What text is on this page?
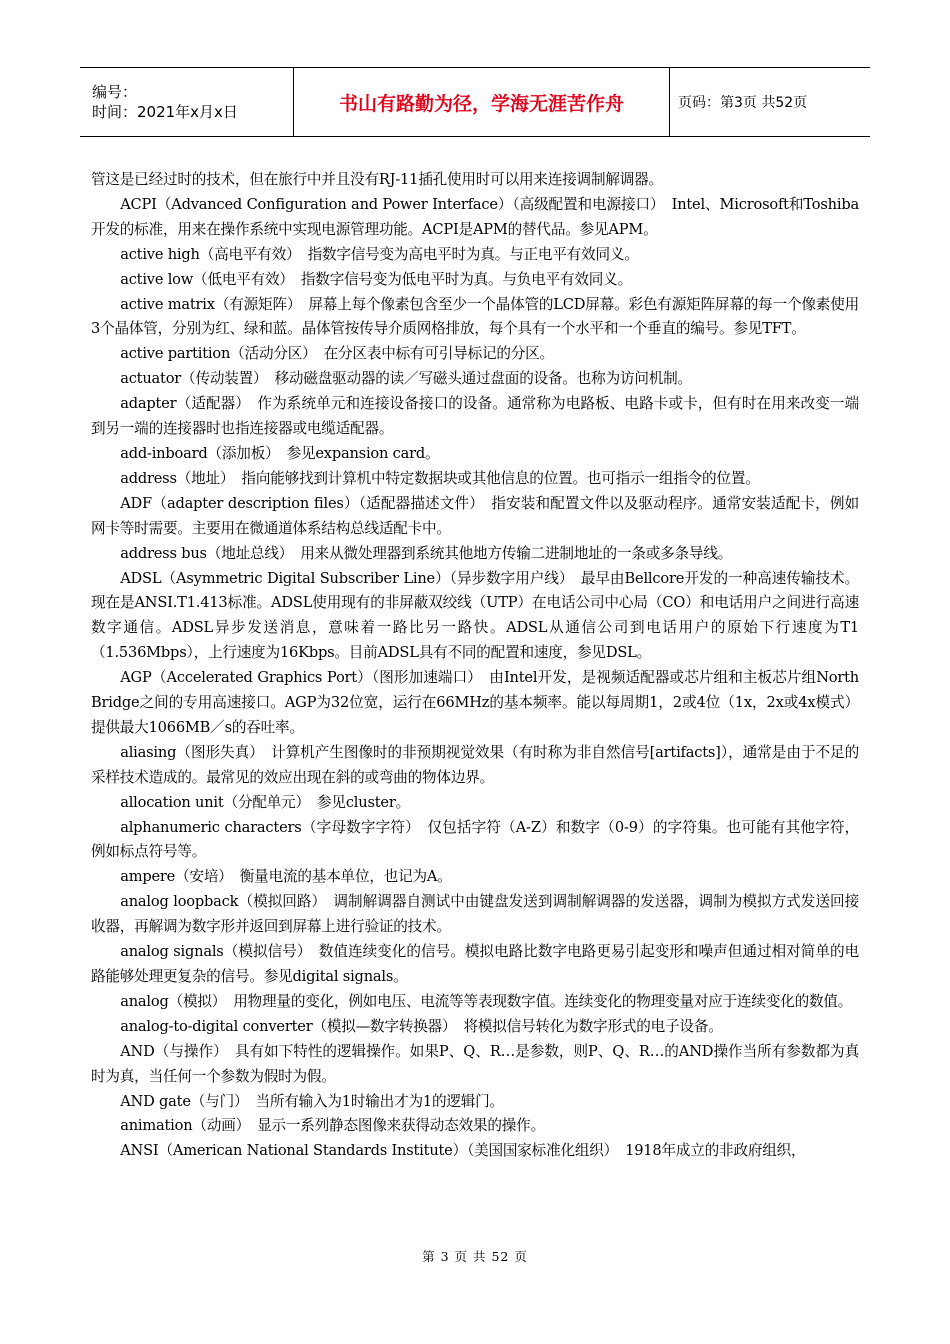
编号：
时间：2021年x月x日	书山有路勤为径，学海无涯苦作舟	页码：第3页 共52页

管这是已经过时的技术，但在旅行中并且没有RJ-11插孔使用时可以用来连接调制解调器。

ACPI（Advanced Configuration and Power Interface）（高级配置和电源接口）　Intel、Microsoft和Toshiba开发的标准，用来在操作系统中实现电源管理功能。ACPI是APM的替代品。参见APM。

active high（高电平有效）　指数字信号变为高电平时为真。与正电平有效同义。

active low（低电平有效）　指数字信号变为低电平时为真。与负电平有效同义。

active matrix（有源矩阵）　屏幕上每个像素包含至少一个晶体管的LCD屏幕。彩色有源矩阵屏幕的每一个像素使用3个晶体管，分别为红、绿和蓝。晶体管按传导介质网格排放，每个具有一个水平和一个垂直的编号。参见TFT。

active partition（活动分区）　在分区表中标有可引导标记的分区。

actuator（传动装置）　移动磁盘驱动器的读／写磁头通过盘面的设备。也称为访问机制。

adapter（适配器）　作为系统单元和连接设备接口的设备。通常称为电路板、电路卡或卡，但有时在用来改变一端到另一端的连接器时也指连接器或电缆适配器。

add-inboard（添加板）　参见expansion card。

address（地址）　指向能够找到计算机中特定数据块或其他信息的位置。也可指示一组指令的位置。

ADF（adapter description files）（适配器描述文件）　指安装和配置文件以及驱动程序。通常安装适配卡，例如网卡等时需要。主要用在微通道体系结构总线适配卡中。

address bus（地址总线）　用来从微处理器到系统其他地方传输二进制地址的一条或多条导线。

ADSL（Asymmetric Digital Subscriber Line）（异步数字用户线）　最早由Bellcore开发的一种高速传输技术。现在是ANSI.T1.413标准。ADSL使用现有的非屏蔽双绞线（UTP）在电话公司中心局（CO）和电话用户之间进行高速数字通信。ADSL异步发送消息，意味着一路比另一路快。ADSL从通信公司到电话用户的原始下行速度为T1（1.536Mbps），上行速度为16Kbps。目前ADSL具有不同的配置和速度，参见DSL。

AGP（Accelerated Graphics Port）（图形加速端口）　由Intel开发，是视频适配器或芯片组和主板芯片组North Bridge之间的专用高速接口。AGP为32位宽，运行在66MHz的基本频率。能以每周期1，2或4位（1x，2x或4x模式）提供最大1066MB／s的吞吐率。

aliasing（图形失真）　计算机产生图像时的非预期视觉效果（有时称为非自然信号[artifacts]），通常是由于不足的采样技术造成的。最常见的效应出现在斜的或弯曲的物体边界。

allocation unit（分配单元）　参见cluster。

alphanumeric characters（字母数字字符）　仅包括字符（A-Z）和数字（0-9）的字符集。也可能有其他字符，例如标点符号等。

ampere（安培）　衡量电流的基本单位，也记为A。

analog loopback（模拟回路）　调制解调器自测试中由键盘发送到调制解调器的发送器，调制为模拟方式发送回接收器，再解调为数字形并返回到屏幕上进行验证的技术。

analog signals（模拟信号）　数值连续变化的信号。模拟电路比数字电路更易引起变形和噪声但通过相对简单的电路能够处理更复杂的信号。参见digital signals。

analog（模拟）　用物理量的变化，例如电压、电流等等表现数字值。连续变化的物理变量对应于连续变化的数值。

analog-to-digital converter（模拟—数字转换器）　将模拟信号转化为数字形式的电子设备。

AND（与操作）　具有如下特性的逻辑操作。如果P、Q、R…是参数，则P、Q、R…的AND操作当所有参数都为真时为真，当任何一个参数为假时为假。

AND gate（与门）　当所有输入为1时输出才为1的逻辑门。

animation（动画）　显示一系列静态图像来获得动态效果的操作。

ANSI（American National Standards Institute）（美国国家标准化组织）　1918年成立的非政府组织，

第 3 页 共 52 页
